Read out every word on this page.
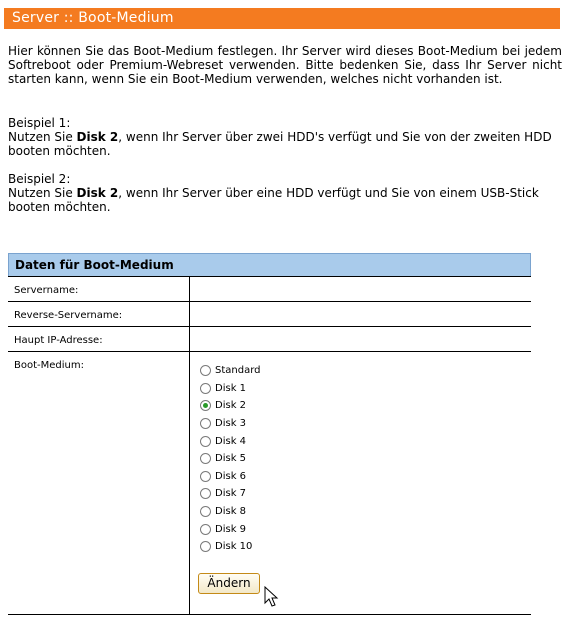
Server :: Boot-Medium

Hier können Sie das Boot-Medium festlegen. Ihr Server wird dieses Boot-Medium bei jedem Softreboot oder Premium-Webreset verwenden. Bitte bedenken Sie, dass Ihr Server nicht starten kann, wenn Sie ein Boot-Medium verwenden, welches nicht vorhanden ist.

Beispiel 1:

Nutzen Sie Disk 2, wenn Ihr Server über zwei HDD's verfügt und Sie von der zweiten HDD booten möchten.

Beispiel 2:

Nutzen Sie Disk 2, wenn Ihr Server über eine HDD verfügt und Sie von einem USB-Stick booten möchten.

Daten für Boot-Medium
Servername:
Reverse-Servername:
Haupt IP-Adresse:
Boot-Medium:	Standard
Disk 1
Disk 2
Disk 3
Disk 4
Disk 5
Disk 6
Disk 7
Disk 8
Disk 9
Disk 10
Ändern
